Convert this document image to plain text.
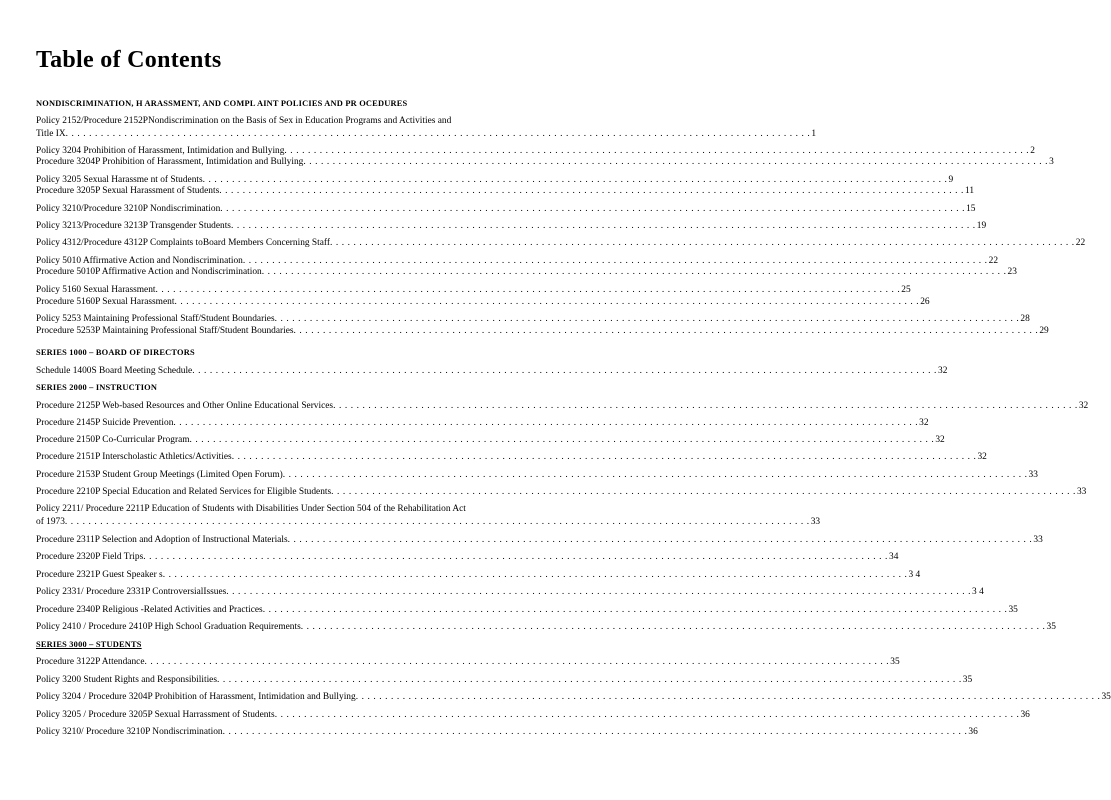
Table of Contents
NONDISCRIMINATION, H ARASSMENT, AND COMPL AINT POLICIES AND PR OCEDURES
Policy 2152/Procedure 2152PNondiscrimination on the Basis of Sex in Education Programs and Activities and
Title IX . . . . . . . . . . . . . . . . . . . . . . . . . . . . . . . . . . . . . . . . . . . . . . . . . . . . . . . . . . . . . . . . . . . . . . . . . . . . . . . . . . . . . . . . . . . . . . . . . . . . . . . . . . . . . . . . . . . . . . . . . . . . . . . 1
Policy 3204 Prohibition of Harassment, Intimidation and Bullying . . . . . . . . . . . . . . . . . . . . . . . . . . . . . . . . . . . . . . . . . . . . . . . . . . . . . . . . . . . . . . . . . . . . . . . . . . . . . . . . . . . . . . . . . . . . . . . . . . . . . . . . . . . . . . . . . . . . . . . . . . . . . . . 2
Procedure 3204P Prohibition of Harassment, Intimidation and Bullying . . . . . . . . . . . . . . . . . . . . . . . . . . . . . . . . . . . . . . . . . . . . . . . . . . . . . . . . . . . . . . . . . . . . . . . . . . . . . . . . . . . . . . . . . . . . . . . . . . . . . . . . . . . . . . . . . . . . . . . . . . . . . . . 3
Policy 3205 Sexual Harassme nt of Students . . . . . . . . . . . . . . . . . . . . . . . . . . . . . . . . . . . . . . . . . . . . . . . . . . . . . . . . . . . . . . . . . . . . . . . . . . . . . . . . . . . . . . . . . . . . . . . . . . . . . . . . . . . . . . . . . . . . . . . . . . . . . . . 9
Procedure 3205P Sexual Harassment of Students . . . . . . . . . . . . . . . . . . . . . . . . . . . . . . . . . . . . . . . . . . . . . . . . . . . . . . . . . . . . . . . . . . . . . . . . . . . . . . . . . . . . . . . . . . . . . . . . . . . . . . . . . . . . . . . . . . . . . . . . . . . . . . . 11
Policy 3210/Procedure 3210P Nondiscrimination . . . . . . . . . . . . . . . . . . . . . . . . . . . . . . . . . . . . . . . . . . . . . . . . . . . . . . . . . . . . . . . . . . . . . . . . . . . . . . . . . . . . . . . . . . . . . . . . . . . . . . . . . . . . . . . . . . . . . . . . . . . . . . . 15
Policy 3213/Procedure 3213P Transgender Students . . . . . . . . . . . . . . . . . . . . . . . . . . . . . . . . . . . . . . . . . . . . . . . . . . . . . . . . . . . . . . . . . . . . . . . . . . . . . . . . . . . . . . . . . . . . . . . . . . . . . . . . . . . . . . . . . . . . . . . . . . . . . . . 19
Policy 4312/Procedure 4312P Complaints toBoard Members Concerning Staff . . . . . . . . . . . . . . . . . . . . . . . . . . . . . . . . . . . . . . . . . . . . . . . . . . . . . . . . . . . . . . . . . . . . . . . . . . . . . . . . . . . . . . . . . . . . . . . . . . . . . . . . . . . . . . . . . . . . . . . . . . . . . . . 22
Policy 5010 Affirmative Action and Nondiscrimination . . . . . . . . . . . . . . . . . . . . . . . . . . . . . . . . . . . . . . . . . . . . . . . . . . . . . . . . . . . . . . . . . . . . . . . . . . . . . . . . . . . . . . . . . . . . . . . . . . . . . . . . . . . . . . . . . . . . . . . . . . . . . . . 22
Procedure 5010P Affirmative Action and Nondiscrimination . . . . . . . . . . . . . . . . . . . . . . . . . . . . . . . . . . . . . . . . . . . . . . . . . . . . . . . . . . . . . . . . . . . . . . . . . . . . . . . . . . . . . . . . . . . . . . . . . . . . . . . . . . . . . . . . . . . . . . . . . . . . . . . 23
Policy 5160 Sexual Harassment . . . . . . . . . . . . . . . . . . . . . . . . . . . . . . . . . . . . . . . . . . . . . . . . . . . . . . . . . . . . . . . . . . . . . . . . . . . . . . . . . . . . . . . . . . . . . . . . . . . . . . . . . . . . . . . . . . . . . . . . . . . . . . . 25
Procedure 5160P Sexual Harassment . . . . . . . . . . . . . . . . . . . . . . . . . . . . . . . . . . . . . . . . . . . . . . . . . . . . . . . . . . . . . . . . . . . . . . . . . . . . . . . . . . . . . . . . . . . . . . . . . . . . . . . . . . . . . . . . . . . . . . . . . . . . . . . 26
Policy 5253 Maintaining Professional Staff/Student Boundaries . . . . . . . . . . . . . . . . . . . . . . . . . . . . . . . . . . . . . . . . . . . . . . . . . . . . . . . . . . . . . . . . . . . . . . . . . . . . . . . . . . . . . . . . . . . . . . . . . . . . . . . . . . . . . . . . . . . . . . . . . . . . . . . 28
Procedure 5253P Maintaining Professional Staff/Student Boundaries . . . . . . . . . . . . . . . . . . . . . . . . . . . . . . . . . . . . . . . . . . . . . . . . . . . . . . . . . . . . . . . . . . . . . . . . . . . . . . . . . . . . . . . . . . . . . . . . . . . . . . . . . . . . . . . . . . . . . . . . . . . . . . . 29
SERIES 1000 – BOARD OF DIRECTORS
Schedule 1400S Board Meeting Schedule . . . . . . . . . . . . . . . . . . . . . . . . . . . . . . . . . . . . . . . . . . . . . . . . . . . . . . . . . . . . . . . . . . . . . . . . . . . . . . . . . . . . . . . . . . . . . . . . . . . . . . . . . . . . . . . . . . . . . . . . . . . . . . . 32
SERIES 2000 – INSTRUCTION
Procedure 2125P Web-based Resources and Other Online Educational Services . . . . . . . . . . . . . . . . . . . . . . . . . . . . . . . . . . . . . . . . . . . . . . . . . . . . . . . . . . . . . . . . . . . . . . . . . . . . . . . . . . . . . . . . . . . . . . . . . . . . . . . . . . . . . . . . . . . . . . . . . . . . . . . 32
Procedure 2145P Suicide Prevention . . . . . . . . . . . . . . . . . . . . . . . . . . . . . . . . . . . . . . . . . . . . . . . . . . . . . . . . . . . . . . . . . . . . . . . . . . . . . . . . . . . . . . . . . . . . . . . . . . . . . . . . . . . . . . . . . . . . . . . . . . . . . . . 32
Procedure 2150P Co-Curricular Program . . . . . . . . . . . . . . . . . . . . . . . . . . . . . . . . . . . . . . . . . . . . . . . . . . . . . . . . . . . . . . . . . . . . . . . . . . . . . . . . . . . . . . . . . . . . . . . . . . . . . . . . . . . . . . . . . . . . . . . . . . . . . . . 32
Procedure 2151P Interscholastic Athletics/Activities . . . . . . . . . . . . . . . . . . . . . . . . . . . . . . . . . . . . . . . . . . . . . . . . . . . . . . . . . . . . . . . . . . . . . . . . . . . . . . . . . . . . . . . . . . . . . . . . . . . . . . . . . . . . . . . . . . . . . . . . . . . . . . . 32
Procedure 2153P Student Group Meetings (Limited Open Forum) . . . . . . . . . . . . . . . . . . . . . . . . . . . . . . . . . . . . . . . . . . . . . . . . . . . . . . . . . . . . . . . . . . . . . . . . . . . . . . . . . . . . . . . . . . . . . . . . . . . . . . . . . . . . . . . . . . . . . . . . . . . . . . . 33
Procedure 2210P Special Education and Related Services for Eligible Students . . . . . . . . . . . . . . . . . . . . . . . . . . . . . . . . . . . . . . . . . . . . . . . . . . . . . . . . . . . . . . . . . . . . . . . . . . . . . . . . . . . . . . . . . . . . . . . . . . . . . . . . . . . . . . . . . . . . . . . . . . . . . . . 33
Policy 2211/ Procedure 2211P Education of Students with Disabilities Under Section 504 of the Rehabilitation Act
of 1973 . . . . . . . . . . . . . . . . . . . . . . . . . . . . . . . . . . . . . . . . . . . . . . . . . . . . . . . . . . . . . . . . . . . . . . . . . . . . . . . . . . . . . . . . . . . . . . . . . . . . . . . . . . . . . . . . . . . . . . . . . . . . . . . 33
Procedure 2311P Selection and Adoption of Instructional Materials . . . . . . . . . . . . . . . . . . . . . . . . . . . . . . . . . . . . . . . . . . . . . . . . . . . . . . . . . . . . . . . . . . . . . . . . . . . . . . . . . . . . . . . . . . . . . . . . . . . . . . . . . . . . . . . . . . . . . . . . . . . . . . . 33
Procedure 2320P Field Trips . . . . . . . . . . . . . . . . . . . . . . . . . . . . . . . . . . . . . . . . . . . . . . . . . . . . . . . . . . . . . . . . . . . . . . . . . . . . . . . . . . . . . . . . . . . . . . . . . . . . . . . . . . . . . . . . . . . . . . . . . . . . . . . 34
Procedure 2321P Guest Speaker s . . . . . . . . . . . . . . . . . . . . . . . . . . . . . . . . . . . . . . . . . . . . . . . . . . . . . . . . . . . . . . . . . . . . . . . . . . . . . . . . . . . . . . . . . . . . . . . . . . . . . . . . . . . . . . . . . . . . . . . . . . . . . . . 3 4
Policy 2331/ Procedure 2331P ControversialIssues . . . . . . . . . . . . . . . . . . . . . . . . . . . . . . . . . . . . . . . . . . . . . . . . . . . . . . . . . . . . . . . . . . . . . . . . . . . . . . . . . . . . . . . . . . . . . . . . . . . . . . . . . . . . . . . . . . . . . . . . . . . . . . . 3 4
Procedure 2340P Religious -Related Activities and Practices . . . . . . . . . . . . . . . . . . . . . . . . . . . . . . . . . . . . . . . . . . . . . . . . . . . . . . . . . . . . . . . . . . . . . . . . . . . . . . . . . . . . . . . . . . . . . . . . . . . . . . . . . . . . . . . . . . . . . . . . . . . . . . . 35
Policy 2410 / Procedure 2410P High School Graduation Requirements . . . . . . . . . . . . . . . . . . . . . . . . . . . . . . . . . . . . . . . . . . . . . . . . . . . . . . . . . . . . . . . . . . . . . . . . . . . . . . . . . . . . . . . . . . . . . . . . . . . . . . . . . . . . . . . . . . . . . . . . . . . . . . . 35
SERIES 3000 – STUDENTS
Procedure 3122P Attendance . . . . . . . . . . . . . . . . . . . . . . . . . . . . . . . . . . . . . . . . . . . . . . . . . . . . . . . . . . . . . . . . . . . . . . . . . . . . . . . . . . . . . . . . . . . . . . . . . . . . . . . . . . . . . . . . . . . . . . . . . . . . . . . 35
Policy 3200 Student Rights and Responsibilities . . . . . . . . . . . . . . . . . . . . . . . . . . . . . . . . . . . . . . . . . . . . . . . . . . . . . . . . . . . . . . . . . . . . . . . . . . . . . . . . . . . . . . . . . . . . . . . . . . . . . . . . . . . . . . . . . . . . . . . . . . . . . . . 35
Policy 3204 / Procedure 3204P Prohibition of Harassment, Intimidation and Bullying . . . . . . . . . . . . . . . . . . . . . . . . . . . . . . . . . . . . . . . . . . . . . . . . . . . . . . . . . . . . . . . . . . . . . . . . . . . . . . . . . . . . . . . . . . . . . . . . . . . . . . . . . . . . . . . . . . . . . . . . . . . . . . . 35
Policy 3205 / Procedure 3205P Sexual Harrassment of Students . . . . . . . . . . . . . . . . . . . . . . . . . . . . . . . . . . . . . . . . . . . . . . . . . . . . . . . . . . . . . . . . . . . . . . . . . . . . . . . . . . . . . . . . . . . . . . . . . . . . . . . . . . . . . . . . . . . . . . . . . . . . . . . 36
Policy 3210/ Procedure 3210P Nondiscrimination . . . . . . . . . . . . . . . . . . . . . . . . . . . . . . . . . . . . . . . . . . . . . . . . . . . . . . . . . . . . . . . . . . . . . . . . . . . . . . . . . . . . . . . . . . . . . . . . . . . . . . . . . . . . . . . . . . . . . . . . . . . . . . . 36
